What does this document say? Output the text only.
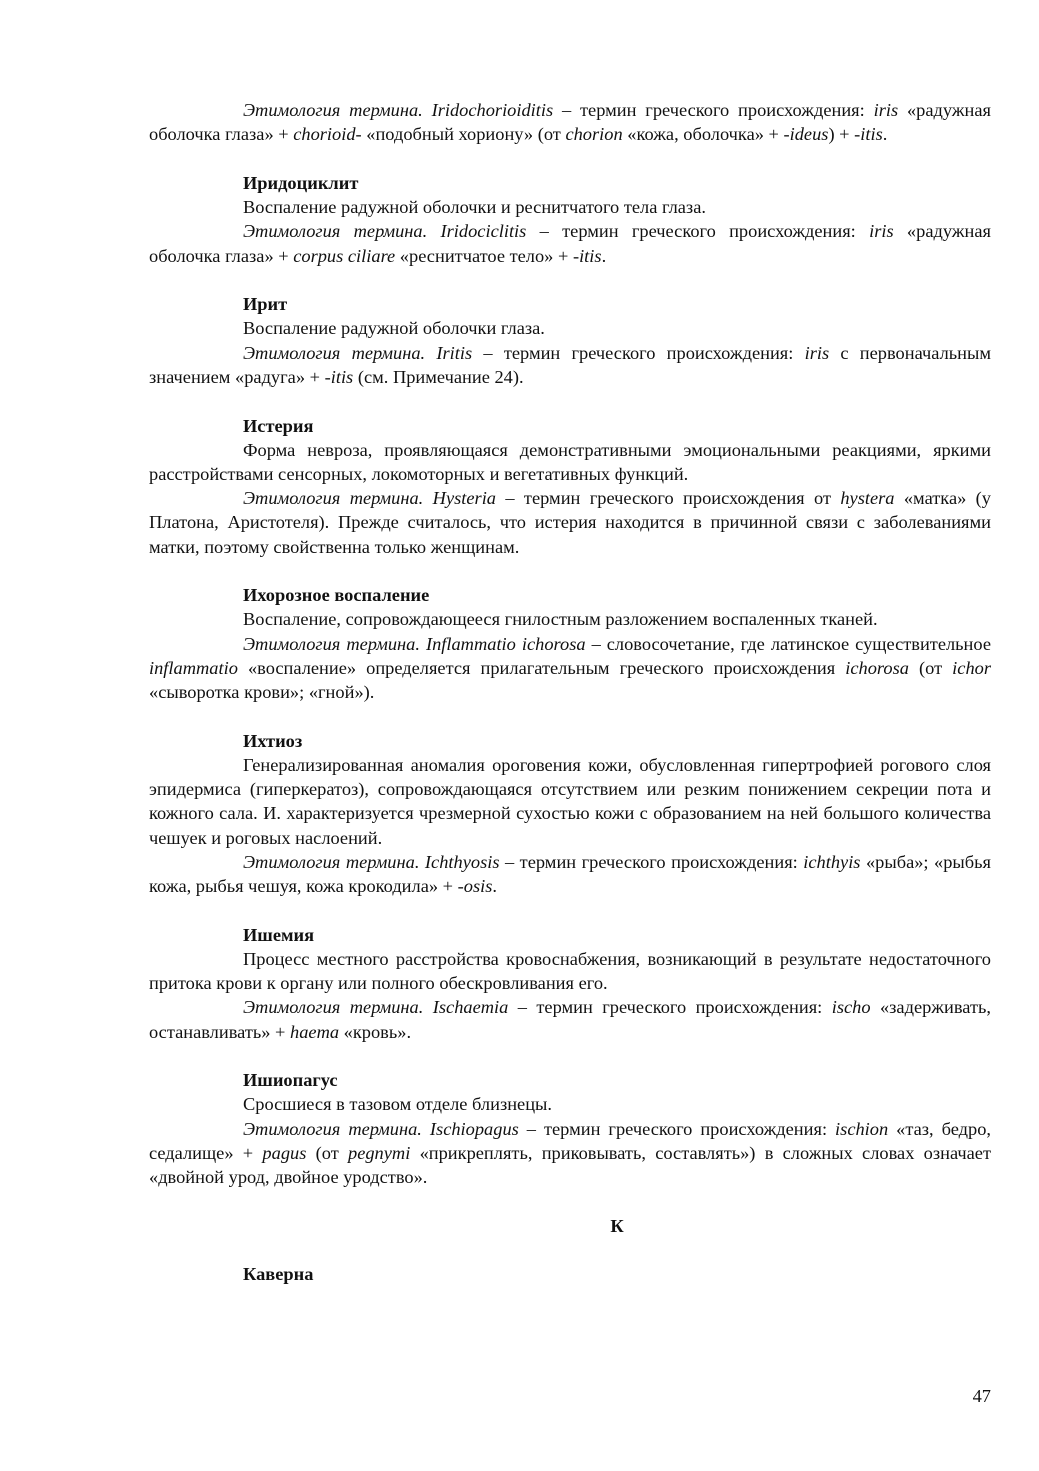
Этимология термина. Iridochorioiditis – термин греческого происхождения: iris «радужная оболочка глаза» + chorioid- «подобный хориону» (от chorion «кожа, оболочка» + -ideus) + -itis.

Иридоциклит

Воспаление радужной оболочки и реснитчатого тела глаза.

Этимология термина. Iridociclitis – термин греческого происхождения: iris «радужная оболочка глаза» + corpus ciliare «реснитчатое тело» + -itis.

Ирит

Воспаление радужной оболочки глаза.

Этимология термина. Iritis – термин греческого происхождения: iris с первоначальным значением «радуга» + -itis (см. Примечание 24).

Истерия

Форма невроза, проявляющаяся демонстративными эмоциональными реакциями, яркими расстройствами сенсорных, локомоторных и вегетативных функций.

Этимология термина. Hysteria – термин греческого происхождения от hystera «матка» (у Платона, Аристотеля). Прежде считалось, что истерия находится в причинной связи с заболеваниями матки, поэтому свойственна только женщинам.

Ихорозное воспаление

Воспаление, сопровождающееся гнилостным разложением воспаленных тканей.

Этимология термина. Inflammatio ichorosa – словосочетание, где латинское существительное inflammatio «воспаление» определяется прилагательным греческого происхождения ichorosa (от ichor «сыворотка крови»; «гной»).

Ихтиоз

Генерализированная аномалия ороговения кожи, обусловленная гипертрофией рогового слоя эпидермиса (гиперкератоз), сопровождающаяся отсутствием или резким понижением секреции пота и кожного сала. И. характеризуется чрезмерной сухостью кожи с образованием на ней большого количества чешуек и роговых наслоений.

Этимология термина. Ichthyosis – термин греческого происхождения: ichthyis «рыба»; «рыбья кожа, рыбья чешуя, кожа крокодила» + -osis.

Ишемия

Процесс местного расстройства кровоснабжения, возникающий в результате недостаточного притока крови к органу или полного обескровливания его.

Этимология термина. Ischaemia – термин греческого происхождения: ischo «задерживать, останавливать» + haema «кровь».

Ишиопагус

Сросшиеся в тазовом отделе близнецы.

Этимология термина. Ischiopagus – термин греческого происхождения: ischion «таз, бедро, седалище» + pagus (от pegnymi «прикреплять, приковывать, составлять») в сложных словах означает «двойной урод, двойное уродство».

К

Каверна

47
